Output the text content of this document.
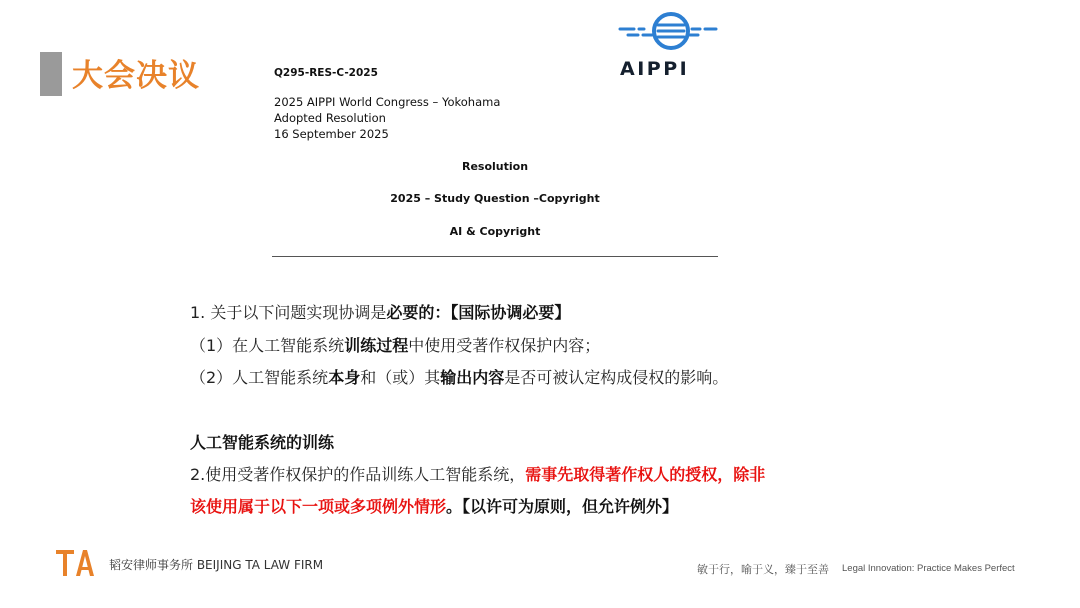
大会决议	AIPPI
Q295-RES-C-2025
2025 AIPPI World Congress – Yokohama
Adopted Resolution
16 September 2025
Resolution
2025 – Study Question –Copyright
AI & Copyright
1. 关于以下问题实现协调是必要的：【国际协调必要】
（1）在人工智能系统训练过程中使用受著作权保护内容；
（2）人工智能系统本身和（或）其输出内容是否可被认定构成侵权的影响。
人工智能系统的训练
2.使用受著作权保护的作品训练人工智能系统，需事先取得著作权人的授权，除非
该使用属于以下一项或多项例外情形。【以许可为原则，但允许例外】
韬安律师事务所 BEIJING TA LAW FIRM	敏于行，喻于义，臻于至善 Legal Innovation: Practice Makes Perfect
